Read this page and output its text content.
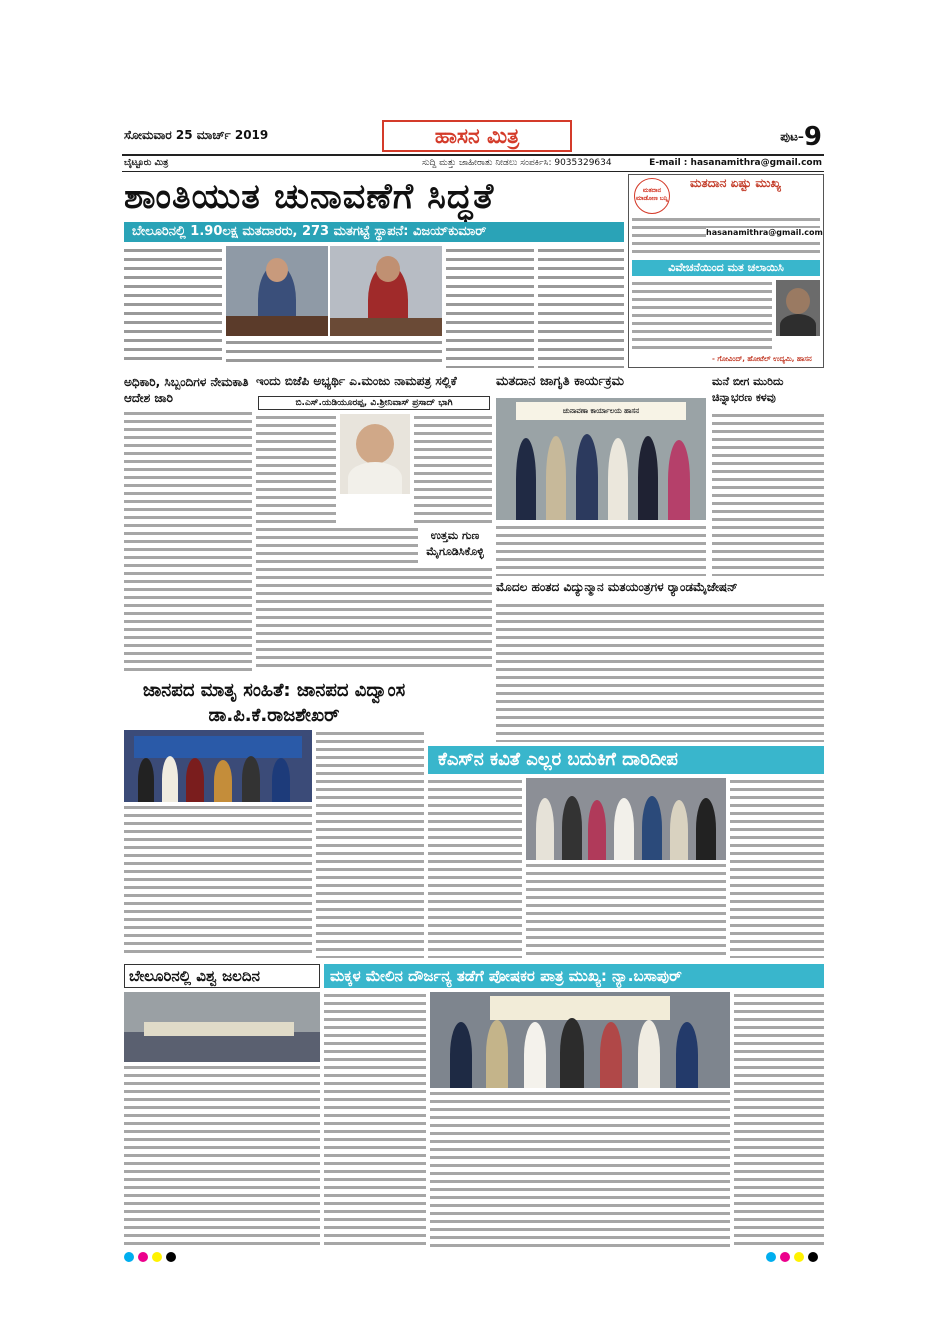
ಸೋಮವಾರ 25 ಮಾರ್ಚ್ 2019	ಹಾಸನ ಮಿತ್ರ	ಪುಟ–9
ಬೈಟ್ಟೂರು ಮಿತ್ರ	ಸುದ್ದಿ ಮತ್ತು ಜಾಹೀರಾತು ನೀಡಲು ಸಂಪರ್ಕಿಸಿ: 9035329634	E-mail : hasanamithra@gmail.com
ಶಾಂತಿಯುತ ಚುನಾವಣೆಗೆ ಸಿದ್ಧತೆ
ಬೇಲೂರಿನಲ್ಲಿ 1.90ಲಕ್ಷ ಮತದಾರರು, 273 ಮತಗಟ್ಟೆ ಸ್ಥಾಪನೆ: ವಿಜಯ್‌ಕುಮಾರ್
ಮತದಾನ ಮಾಡೋಣ ಬನ್ನಿ
ಮತದಾನ ಏಷ್ಟು ಮುಖ್ಯ
hasanamithra@gmail.com
ವಿವೇಚನೆಯಿಂದ ಮತ ಚಲಾಯಿಸಿ
- ಗೋವಿಂದ್, ಹೋಟೆಲ್ ಉದ್ಯಮಿ, ಹಾಸನ
ಅಧಿಕಾರಿ, ಸಿಬ್ಬಂದಿಗಳ ನೇಮಕಾತಿ ಆದೇಶ ಜಾರಿ
ಇಂದು ಬಿಜೆಪಿ ಅಭ್ಯರ್ಥಿ ಎ.ಮಂಜು ನಾಮಪತ್ರ ಸಲ್ಲಿಕೆ
ಬಿ.ಎಸ್.ಯಡಿಯೂರಪ್ಪ, ವಿ.ಶ್ರೀನಿವಾಸ್ ಪ್ರಸಾದ್ ಭಾಗಿ
ಮತದಾನ ಜಾಗೃತಿ ಕಾರ್ಯಕ್ರಮ
ಚುನಾವಣಾ ಕಾರ್ಯಾಲಯ ಹಾಸನ
ಮನೆ ಬೀಗ ಮುರಿದು ಚಿನ್ನಾಭರಣ ಕಳವು
ಉತ್ತಮ ಗುಣ ಮೈಗೂಡಿಸಿಕೊಳ್ಳಿ
ಮೊದಲ ಹಂತದ ವಿದ್ಯುನ್ಮಾನ ಮತಯಂತ್ರಗಳ ರ್‍ಯಾಂಡಮೈಜೇಷನ್
ಜಾನಪದ ಮಾತೃ ಸಂಹಿತೆ: ಜಾನಪದ ವಿದ್ವಾಂಸ ಡಾ.ಪಿ.ಕೆ.ರಾಜಶೇಖರ್
ಕೆಎಸ್‌ನ ಕವಿತೆ ಎಲ್ಲರ ಬದುಕಿಗೆ ದಾರಿದೀಪ
ಬೇಲೂರಿನಲ್ಲಿ ವಿಶ್ವ ಜಲದಿನ	ಮಕ್ಕಳ ಮೇಲಿನ ದೌರ್ಜನ್ಯ ತಡೆಗೆ ಪೋಷಕರ ಪಾತ್ರ ಮುಖ್ಯ: ನ್ಯಾ.ಬಸಾಪುರ್
